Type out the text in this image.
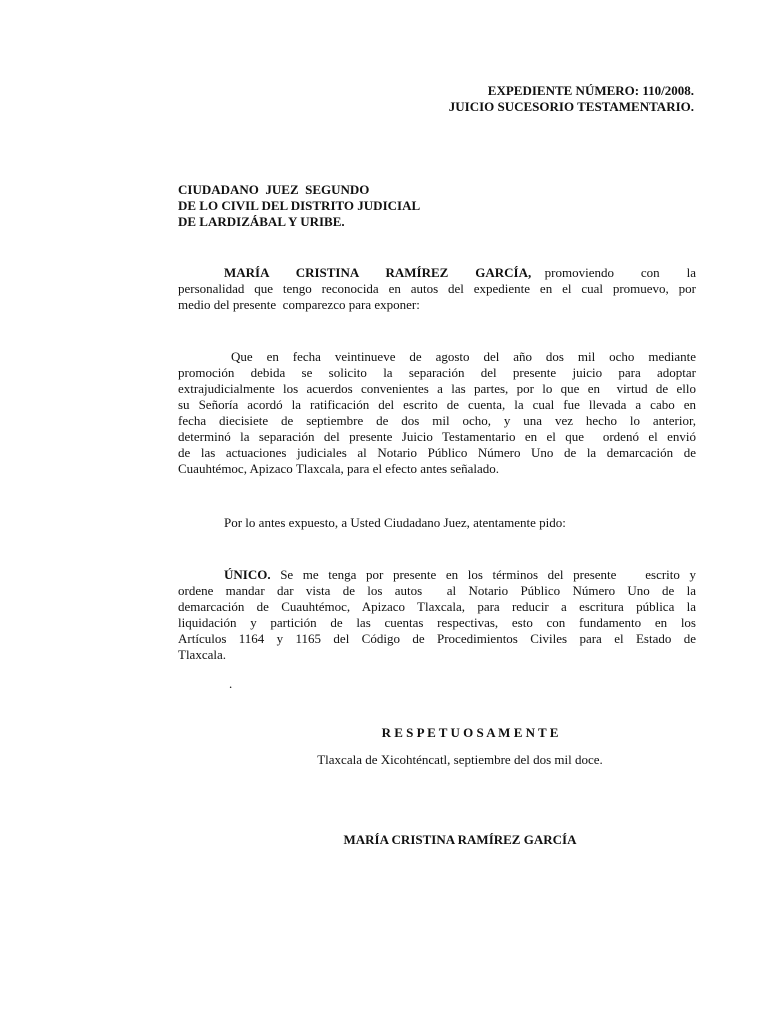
EXPEDIENTE NÚMERO: 110/2008.
JUICIO SUCESORIO TESTAMENTARIO.
CIUDADANO  JUEZ  SEGUNDO
DE LO CIVIL DEL DISTRITO JUDICIAL
DE LARDIZÁBAL Y URIBE.
MARÍA  CRISTINA  RAMÍREZ  GARCÍA, promoviendo  con  la
personalidad que tengo reconocida en autos del expediente en el cual promuevo, por
medio del presente  comparezco para exponer:
Que  en  fecha  veintinueve  de  agosto  del  año  dos  mil  ocho  mediante
promoción  debida  se  solicito  la  separación  del  presente  juicio  para  adoptar
extrajudicialmente los acuerdos convenientes a las partes, por lo que en  virtud de ello
su Señoría acordó la ratificación del escrito de cuenta, la cual fue llevada a cabo en
fecha  diecisiete  de  septiembre  de  dos  mil  ocho,  y  una  vez  hecho  lo  anterior,
determinó la separación del presente Juicio Testamentario en el que  ordenó el envió
de las actuaciones judiciales al Notario Público Número Uno de la demarcación de
Cuauhtémoc, Apizaco Tlaxcala, para el efecto antes señalado.
Por lo antes expuesto, a Usted Ciudadano Juez, atentamente pido:
ÚNICO. Se me tenga por presente en los términos del presente   escrito y
ordene  mandar  dar  vista  de  los  autos    al  Notario  Público  Número  Uno  de  la
demarcación de Cuauhtémoc, Apizaco Tlaxcala, para reducir a escritura pública la
liquidación  y  partición  de  las  cuentas  respectivas,  esto  con  fundamento  en  los
Artículos  1164  y  1165  del  Código  de  Procedimientos  Civiles  para  el  Estado  de
Tlaxcala.
.
R E S P E T U O S A M E N T E
Tlaxcala de Xicohténcatl, septiembre del dos mil doce.
MARÍA CRISTINA RAMÍREZ GARCÍA
